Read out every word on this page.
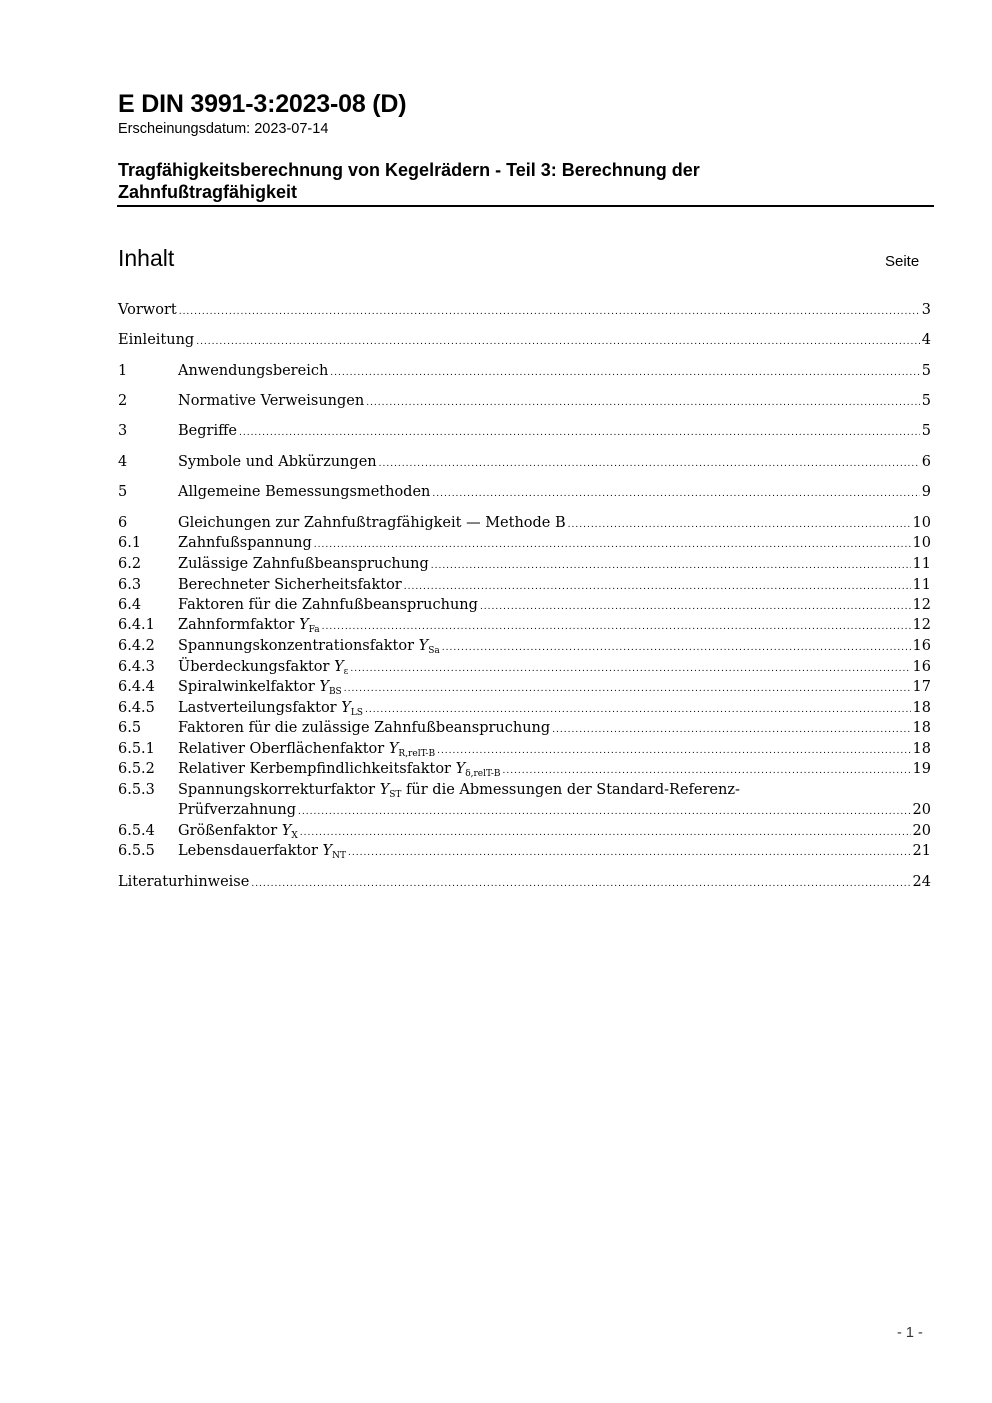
E DIN 3991-3:2023-08 (D)
Erscheinungsdatum: 2023-07-14
Tragfähigkeitsberechnung von Kegelrädern - Teil 3: Berechnung der Zahnfußtragfähigkeit
Inhalt	Seite
Vorwort .....	3
Einleitung .....	4
1	Anwendungsbereich .....	5
2	Normative Verweisungen .....	5
3	Begriffe .....	5
4	Symbole und Abkürzungen .....	6
5	Allgemeine Bemessungsmethoden .....	9
6	Gleichungen zur Zahnfußtragfähigkeit — Methode B .....	10
6.1	Zahnfußspannung .....	10
6.2	Zulässige Zahnfußbeanspruchung .....	11
6.3	Berechneter Sicherheitsfaktor .....	11
6.4	Faktoren für die Zahnfußbeanspruchung .....	12
6.4.1	Zahnformfaktor $Y_{Fa}$ .....	12
6.4.2	Spannungskonzentrationsfaktor $Y_{Sa}$ .....	16
6.4.3	Überdeckungsfaktor $Y_\varepsilon$ .....	16
6.4.4	Spiralwinkelfaktor $Y_{BS}$ .....	17
6.4.5	Lastverteilungsfaktor $Y_{LS}$ .....	18
6.5	Faktoren für die zulässige Zahnfußbeanspruchung .....	18
6.5.1	Relativer Oberflächenfaktor $Y_{R,relT-B}$ .....	18
6.5.2	Relativer Kerbempfindlichkeitsfaktor $Y_{\delta,relT-B}$ .....	19
6.5.3	Spannungskorrekturfaktor $Y_{ST}$ für die Abmessungen der Standard-Referenz-
Prüfverzahnung .....	20
6.5.4	Größenfaktor $Y_X$ .....	20
6.5.5	Lebensdauerfaktor $Y_{NT}$ .....	21
Literaturhinweise .....	24
- 1 -
